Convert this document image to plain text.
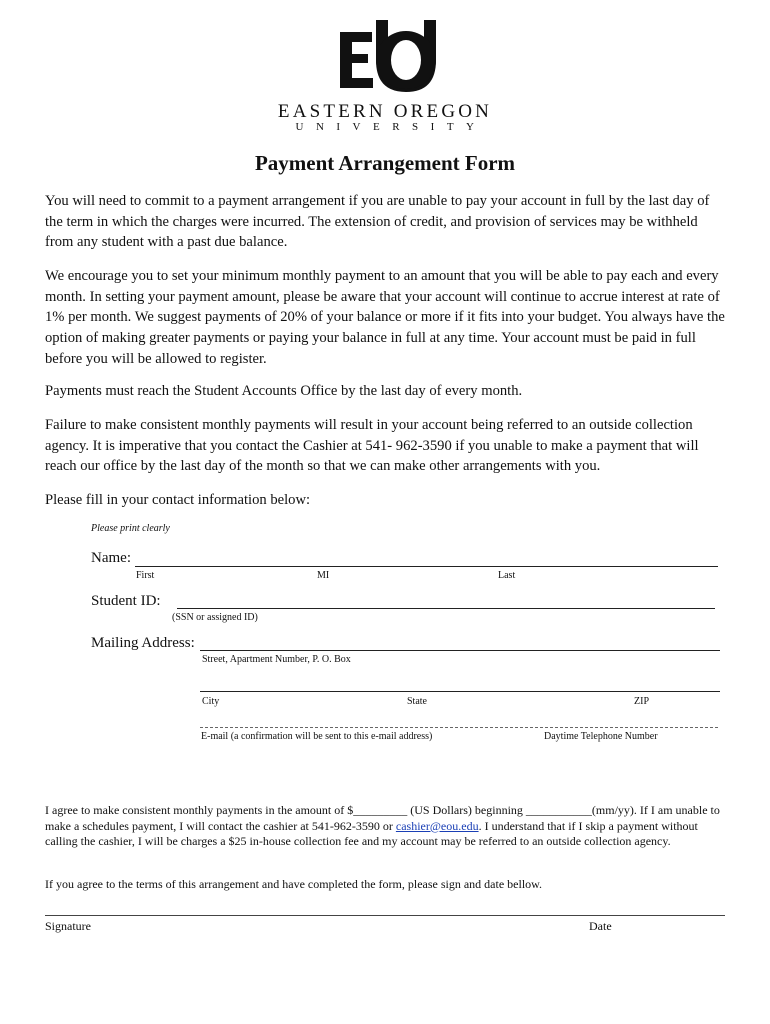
EASTERN OREGON
UNIVERSITY
Payment Arrangement Form
You will need to commit to a payment arrangement if you are unable to pay your account in full by the last day of the term in which the charges were incurred. The extension of credit, and provision of services may be withheld from any student with a past due balance.
We encourage you to set your minimum monthly payment to an amount that you will be able to pay each and every month. In setting your payment amount, please be aware that your account will continue to accrue interest at rate of 1% per month. We suggest payments of 20% of your balance or more if it fits into your budget. You always have the option of making greater payments or paying your balance in full at any time. Your account must be paid in full before you will be allowed to register.
Payments must reach the Student Accounts Office by the last day of every month.
Failure to make consistent monthly payments will result in your account being referred to an outside collection agency. It is imperative that you contact the Cashier at 541- 962-3590 if you unable to make a payment that will reach our office by the last day of the month so that we can make other arrangements with you.
Please fill in your contact information below:
Please print clearly
Name:
First	MI	Last
Student ID:
(SSN or assigned ID)
Mailing Address:
Street, Apartment Number, P. O. Box
City	State	ZIP
E-mail (a confirmation will be sent to this e-mail address)	Daytime Telephone Number
I agree to make consistent monthly payments in the amount of $_________ (US Dollars) beginning ___________(mm/yy). If I am unable to make a schedules payment, I will contact the cashier at 541-962-3590 or cashier@eou.edu. I understand that if I skip a payment without calling the cashier, I will be charges a $25 in-house collection fee and my account may be referred to an outside collection agency.
If you agree to the terms of this arrangement and have completed the form, please sign and date bellow.
Signature	Date
